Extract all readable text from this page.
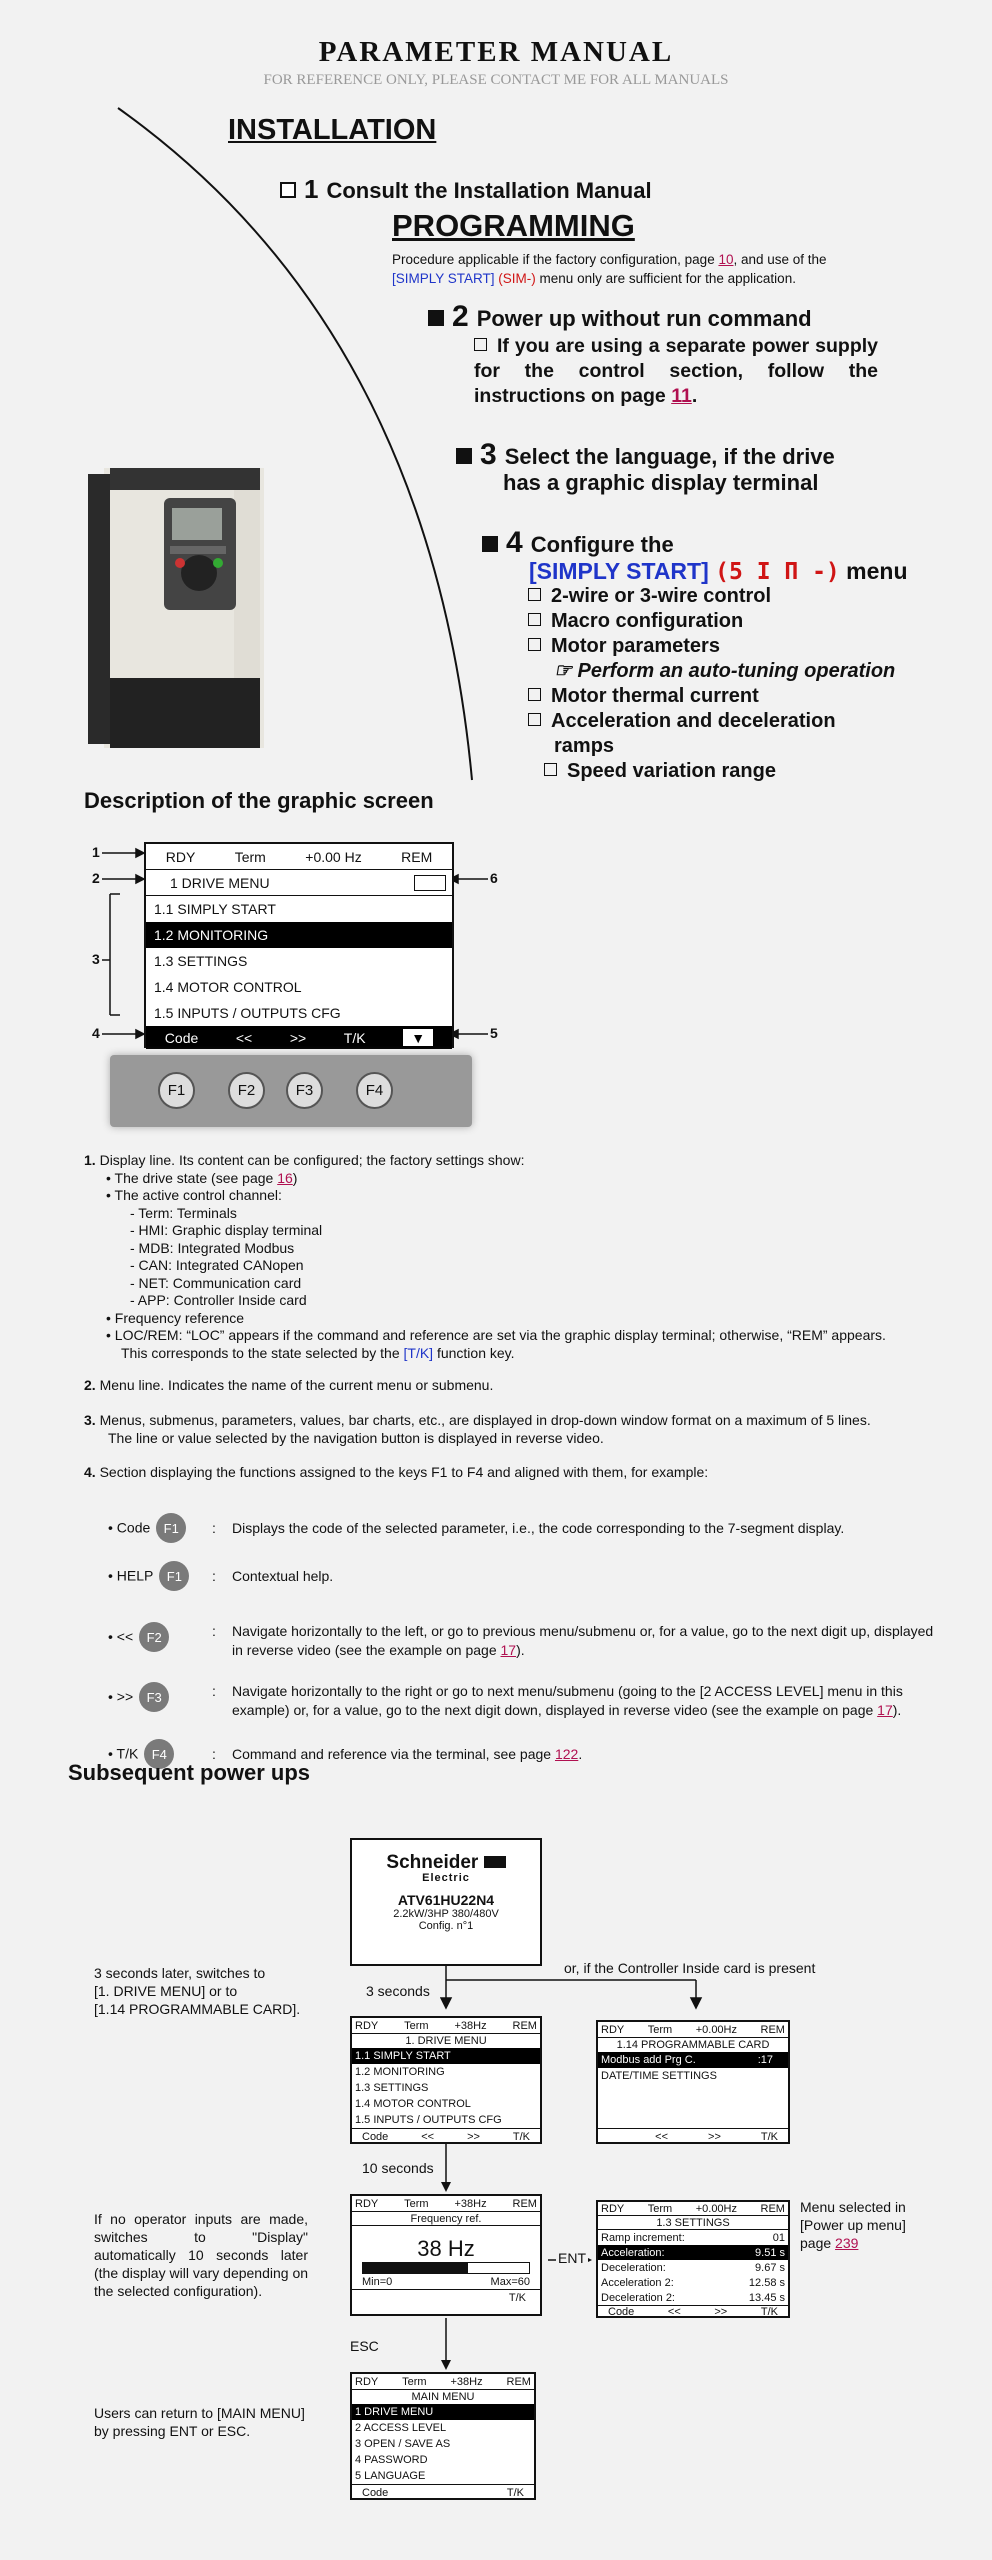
PARAMETER MANUAL
FOR REFERENCE ONLY, PLEASE CONTACT ME FOR ALL MANUALS
INSTALLATION
1 Consult the Installation Manual
PROGRAMMING
Procedure applicable if the factory configuration, page 10, and use of the
[SIMPLY START] (SIM-) menu only are sufficient for the application.
2 Power up without run command
If you are using a separate power supply for the control section, follow the instructions on page 11.
3 Select the language, if the drive
has a graphic display terminal
4 Configure the
[SIMPLY START] (5 I П -) menu
2-wire or 3-wire control
Macro configuration
Motor parameters
☞ Perform an auto-tuning operation
Motor thermal current
Acceleration and deceleration
ramps
Speed variation range
Description of the graphic screen
1
2
3
4	5
6
RDY	Term	+0.00 Hz	REM
1 DRIVE MENU
1.1 SIMPLY START
1.2 MONITORING
1.3 SETTINGS
1.4 MOTOR CONTROL
1.5 INPUTS / OUTPUTS CFG
Code	<<	>>	T/K	▼
F1	F2	F3	F4
1. Display line. Its content can be configured; the factory settings show:
• The drive state (see page 16)
• The active control channel:
- Term: Terminals
- HMI: Graphic display terminal
- MDB: Integrated Modbus
- CAN: Integrated CANopen
- NET: Communication card
- APP: Controller Inside card
• Frequency reference
• LOC/REM: “LOC” appears if the command and reference are set via the graphic display terminal; otherwise, “REM” appears.
This corresponds to the state selected by the [T/K] function key.
2. Menu line. Indicates the name of the current menu or submenu.
3. Menus, submenus, parameters, values, bar charts, etc., are displayed in drop-down window format on a maximum of 5 lines.
The line or value selected by the navigation button is displayed in reverse video.
4. Section displaying the functions assigned to the keys F1 to F4 and aligned with them, for example:
• Code F1	:	Displays the code of the selected parameter, i.e., the code corresponding to the 7-segment display.
• HELP F1	:	Contextual help.
• << F2	:	Navigate horizontally to the left, or go to previous menu/submenu or, for a value, go to the next digit up, displayed in reverse video (see the example on page 17).
• >> F3	:	Navigate horizontally to the right or go to next menu/submenu (going to the [2 ACCESS LEVEL] menu in this example) or, for a value, go to the next digit down, displayed in reverse video (see the example on page 17).
• T/K F4	:	Command and reference via the terminal, see page 122.
Subsequent power ups
Schneider
Electric
ATV61HU22N4
2.2kW/3HP 380/480V
Config. n°1
3 seconds
or, if the Controller Inside card is present
3 seconds later, switches to
[1. DRIVE MENU] or to
[1.14 PROGRAMMABLE CARD].
RDY Term +38Hz REM
1. DRIVE MENU
1.1 SIMPLY START
1.2 MONITORING
1.3 SETTINGS
1.4 MOTOR CONTROL
1.5 INPUTS / OUTPUTS CFG
Code	<<	>>	T/K
RDY Term +0.00Hz REM
1.14 PROGRAMMABLE CARD
Modbus add Prg C.	:17
DATE/TIME SETTINGS
<<	>>	T/K
10 seconds
RDY Term +38Hz REM
Frequency ref.
38 Hz
Min=0	Max=60
T/K
RDY Term +0.00Hz REM
1.3 SETTINGS
Ramp increment:	01
Acceleration:	9.51 s
Deceleration:	9.67 s
Acceleration 2:	12.58 s
Deceleration 2:	13.45 s
Code	<<	>>	T/K
ENT
Menu selected in [Power up menu] page 239
If no operator inputs are made, switches to "Display" automatically 10 seconds later (the display will vary depending on the selected configuration).
ESC
RDY Term +38Hz REM
MAIN MENU
1 DRIVE MENU
2 ACCESS LEVEL
3 OPEN / SAVE AS
4 PASSWORD
5 LANGUAGE
Code	T/K
Users can return to [MAIN MENU] by pressing ENT or ESC.
